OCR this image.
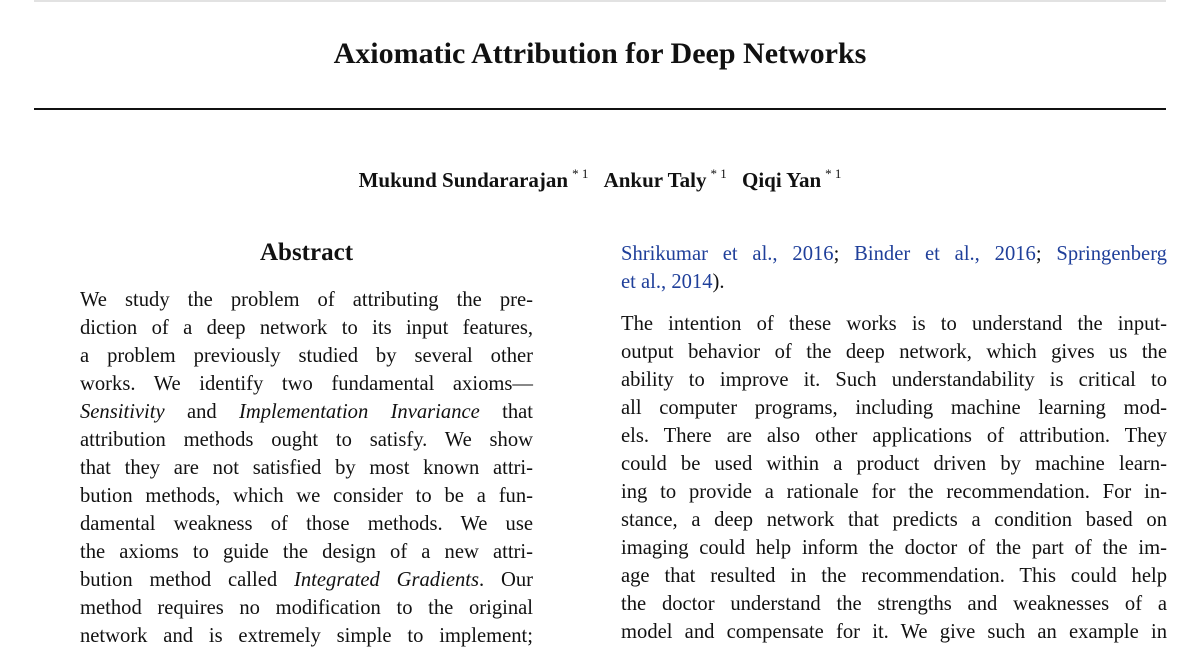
Axiomatic Attribution for Deep Networks
Mukund Sundararajan $^{* 1}$ Ankur Taly $^{* 1}$ Qiqi Yan $^{* 1}$
Abstract
We study the problem of attributing the pre-
diction of a deep network to its input features,
a problem previously studied by several other
works. We identify two fundamental axioms—
Sensitivity and Implementation Invariance that
attribution methods ought to satisfy. We show
that they are not satisfied by most known attri-
bution methods, which we consider to be a fun-
damental weakness of those methods. We use
the axioms to guide the design of a new attri-
bution method called Integrated Gradients. Our
method requires no modification to the original
network and is extremely simple to implement;
Shrikumar et al., 2016; Binder et al., 2016; Springenberg
et al., 2014).
The intention of these works is to understand the input-
output behavior of the deep network, which gives us the
ability to improve it. Such understandability is critical to
all computer programs, including machine learning mod-
els. There are also other applications of attribution. They
could be used within a product driven by machine learn-
ing to provide a rationale for the recommendation. For in-
stance, a deep network that predicts a condition based on
imaging could help inform the doctor of the part of the im-
age that resulted in the recommendation. This could help
the doctor understand the strengths and weaknesses of a
model and compensate for it. We give such an example in
